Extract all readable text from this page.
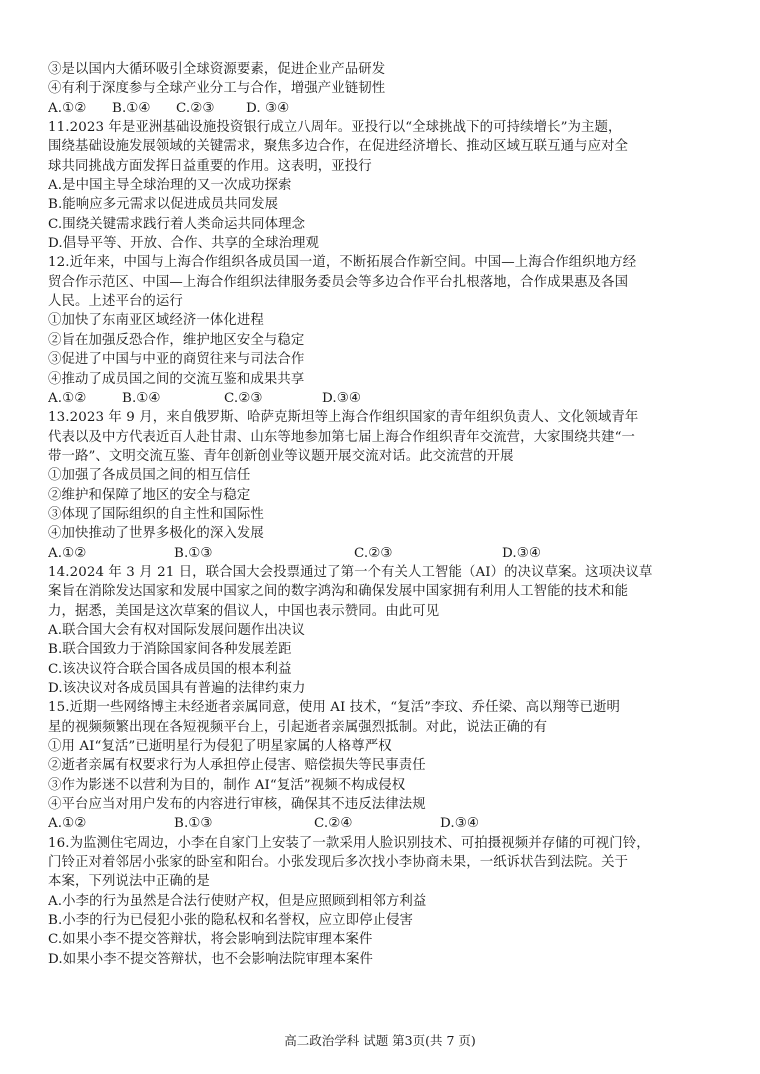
③是以国内大循环吸引全球资源要素，促进企业产品研发
④有利于深度参与全球产业分工与合作，增强产业链韧性
A.①②	B.①④	C.②③	D. ③④
11.2023 年是亚洲基础设施投资银行成立八周年。亚投行以“全球挑战下的可持续增长”为主题，
围绕基础设施发展领域的关键需求，聚焦多边合作，在促进经济增长、推动区域互联互通与应对全
球共同挑战方面发挥日益重要的作用。这表明，亚投行
A.是中国主导全球治理的又一次成功探索
B.能响应多元需求以促进成员共同发展
C.围绕关键需求践行着人类命运共同体理念
D.倡导平等、开放、合作、共享的全球治理观
12.近年来，中国与上海合作组织各成员国一道，不断拓展合作新空间。中国—上海合作组织地方经
贸合作示范区、中国—上海合作组织法律服务委员会等多边合作平台扎根落地，合作成果惠及各国
人民。上述平台的运行
①加快了东南亚区域经济一体化进程
②旨在加强反恐合作，维护地区安全与稳定
③促进了中国与中亚的商贸往来与司法合作
④推动了成员国之间的交流互鉴和成果共享
A.①②	B.①④	C.②③	D.③④
13.2023 年 9 月，来自俄罗斯、哈萨克斯坦等上海合作组织国家的青年组织负责人、文化领域青年
代表以及中方代表近百人赴甘肃、山东等地参加第七届上海合作组织青年交流营，大家围绕共建“一
带一路”、文明交流互鉴、青年创新创业等议题开展交流对话。此交流营的开展
①加强了各成员国之间的相互信任
②维护和保障了地区的安全与稳定
③体现了国际组织的自主性和国际性
④加快推动了世界多极化的深入发展
A.①②	B.①③	C.②③	D.③④
14.2024 年 3 月 21 日，联合国大会投票通过了第一个有关人工智能（AI）的决议草案。这项决议草
案旨在消除发达国家和发展中国家之间的数字鸿沟和确保发展中国家拥有利用人工智能的技术和能
力，据悉，美国是这次草案的倡议人，中国也表示赞同。由此可见
A.联合国大会有权对国际发展问题作出决议
B.联合国致力于消除国家间各种发展差距
C.该决议符合联合国各成员国的根本利益
D.该决议对各成员国具有普遍的法律约束力
15.近期一些网络博主未经逝者亲属同意，使用 AI 技术，“复活”李玟、乔任梁、高以翔等已逝明
星的视频频繁出现在各短视频平台上，引起逝者亲属强烈抵制。对此，说法正确的有
①用 AI“复活”已逝明星行为侵犯了明星家属的人格尊严权
②逝者亲属有权要求行为人承担停止侵害、赔偿损失等民事责任
③作为影迷不以营利为目的，制作 AI“复活”视频不构成侵权
④平台应当对用户发布的内容进行审核，确保其不违反法律法规
A.①②	B.①③	C.②④	D.③④
16.为监测住宅周边，小李在自家门上安装了一款采用人脸识别技术、可拍摄视频并存储的可视门铃，
门铃正对着邻居小张家的卧室和阳台。小张发现后多次找小李协商未果，一纸诉状告到法院。关于
本案，下列说法中正确的是
A.小李的行为虽然是合法行使财产权，但是应照顾到相邻方利益
B.小李的行为已侵犯小张的隐私权和名誉权，应立即停止侵害
C.如果小李不提交答辩状，将会影响到法院审理本案件
D.如果小李不提交答辩状，也不会影响法院审理本案件
高二政治学科 试题 第3页(共 7 页)
